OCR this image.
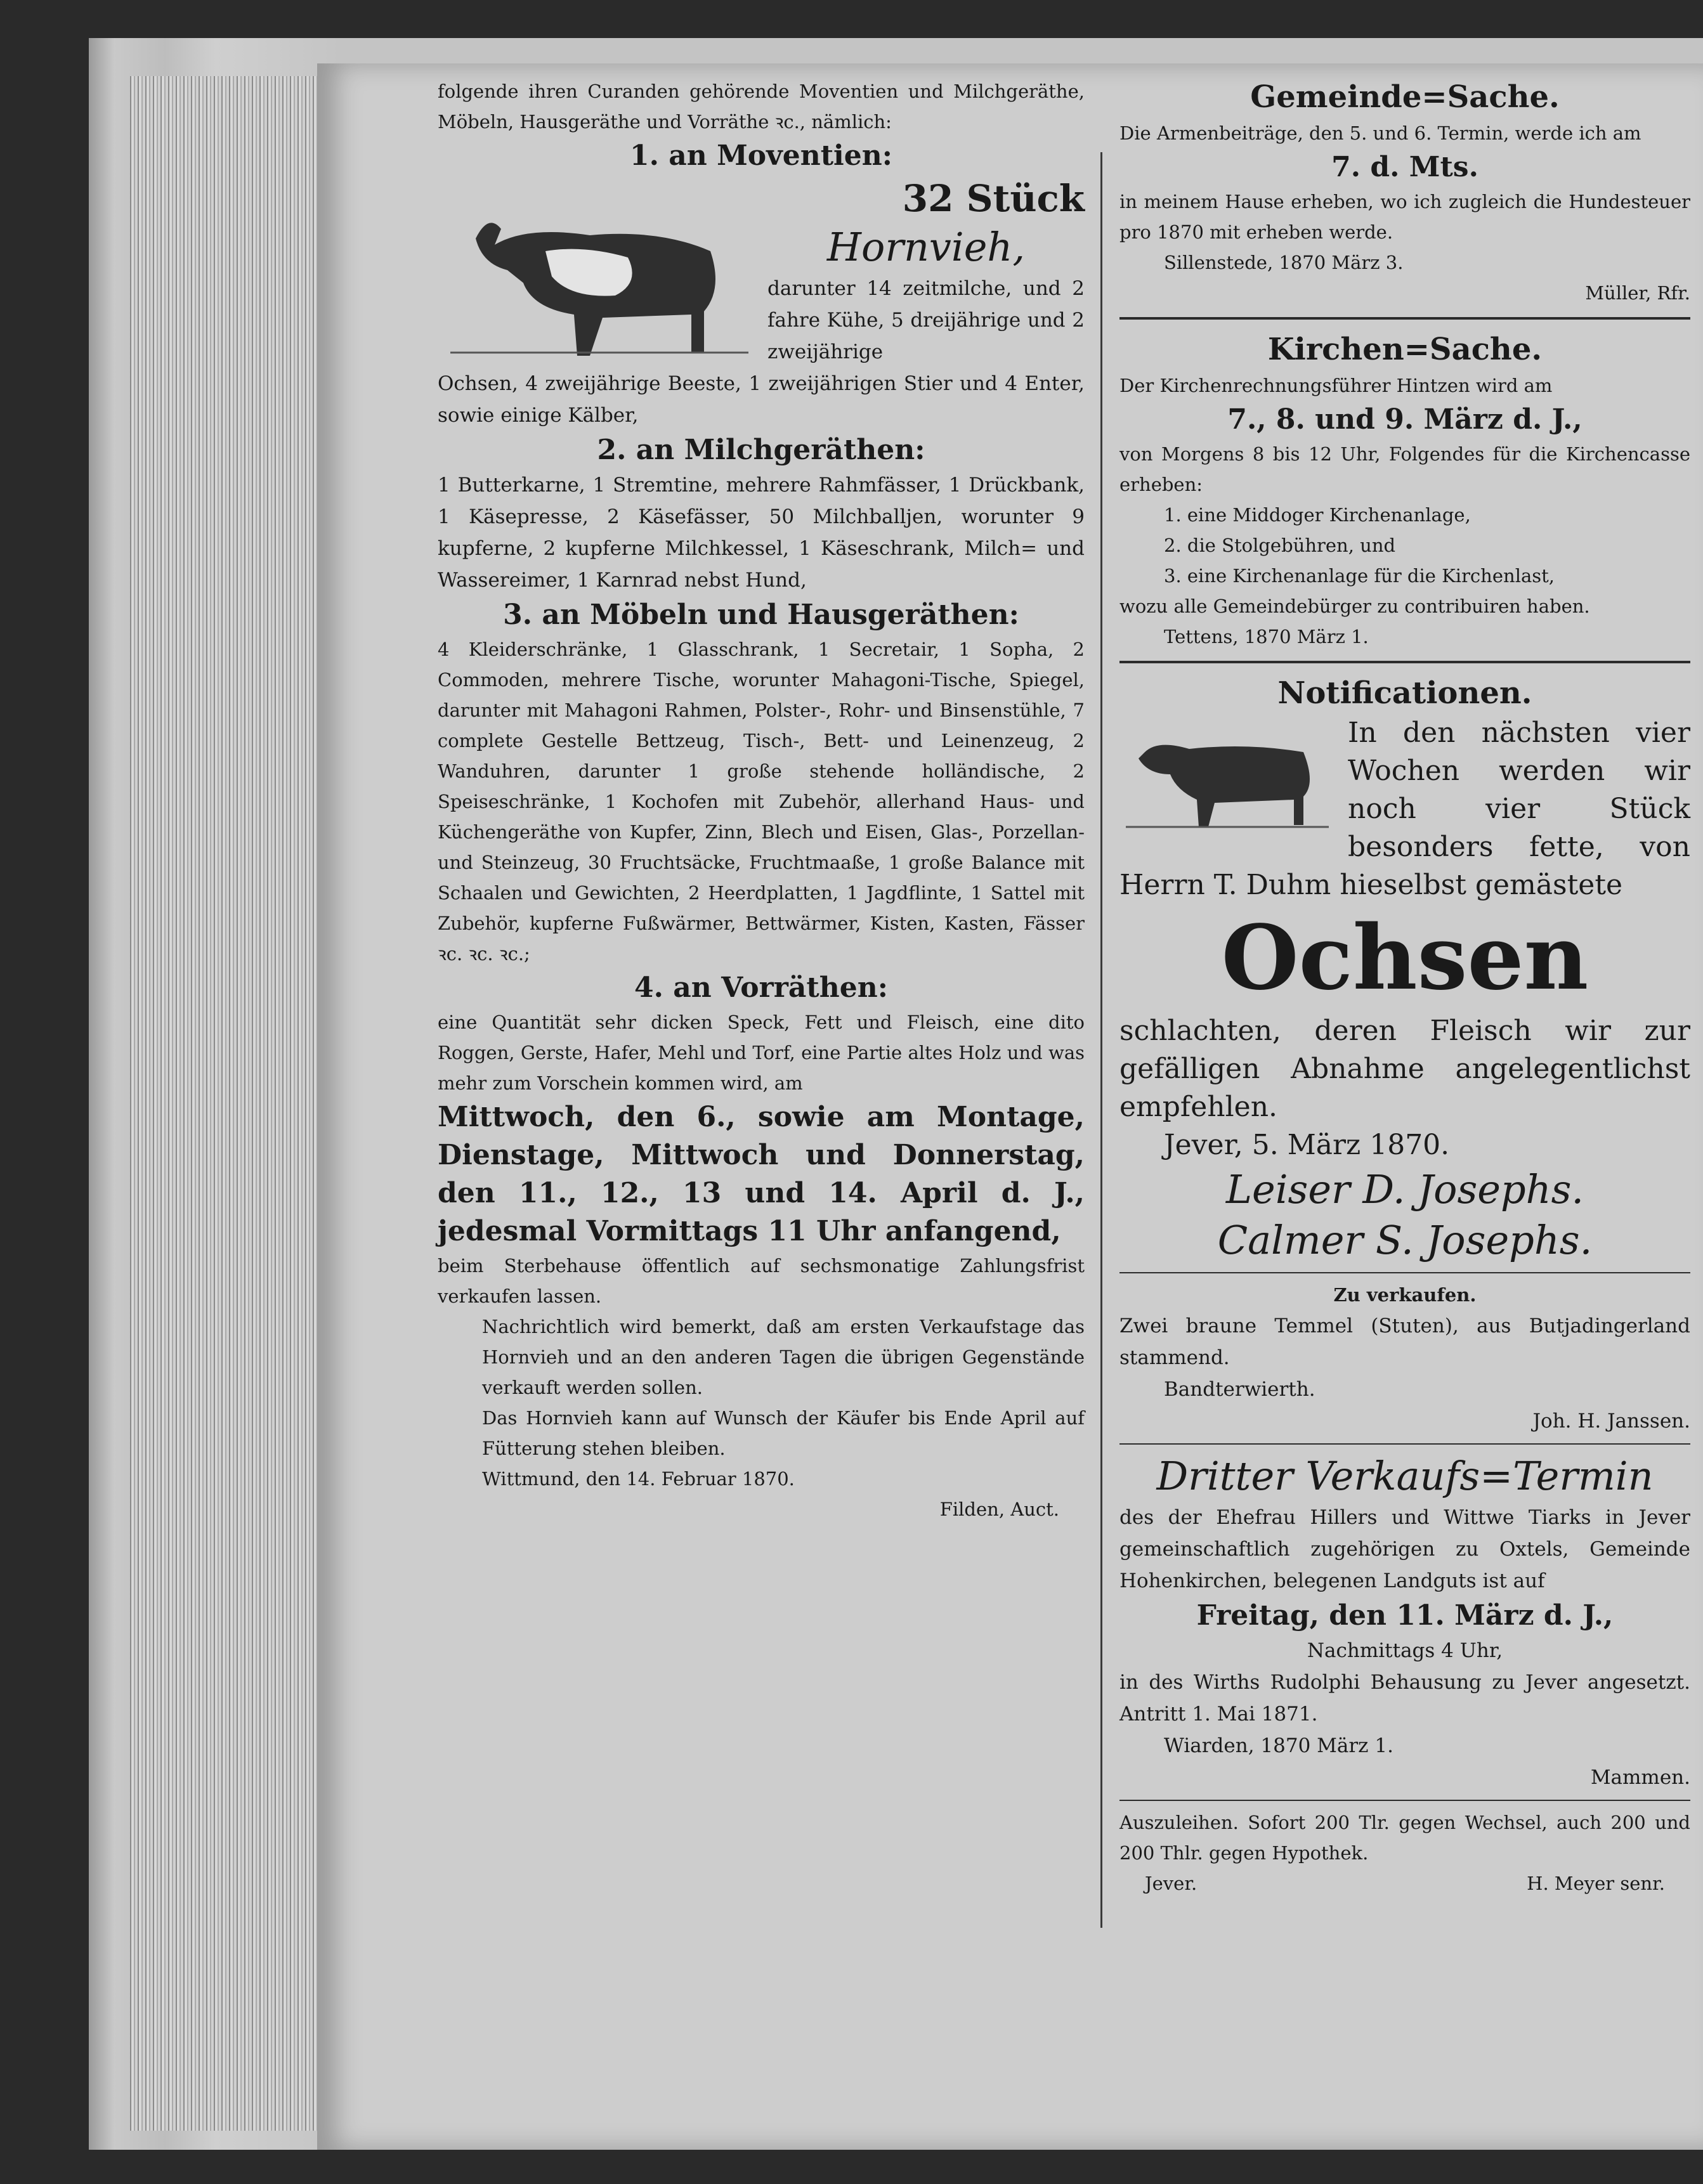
folgende ihren Curanden gehörende Moventien und Milchgeräthe, Möbeln, Hausgeräthe und Vorräthe ꝛc., nämlich:

1. an Moventien:

32 Stück

Hornvieh,

darunter 14 zeitmilche, und 2 fahre Kühe, 5 dreijährige und 2 zweijährige

Ochsen, 4 zweijährige Beeste, 1 zweijährigen Stier und 4 Enter, sowie einige Kälber,

2. an Milchgeräthen:

1 Butterkarne, 1 Stremtine, mehrere Rahmfässer, 1 Drückbank, 1 Käsepresse, 2 Käsefässer, 50 Milchballjen, worunter 9 kupferne, 2 kupferne Milchkessel, 1 Käseschrank, Milch= und Wassereimer, 1 Karnrad nebst Hund,

3. an Möbeln und Hausgeräthen:

4 Kleiderschränke, 1 Glasschrank, 1 Secretair, 1 Sopha, 2 Commoden, mehrere Tische, worunter Mahagoni-Tische, Spiegel, darunter mit Mahagoni Rahmen, Polster-, Rohr- und Binsenstühle, 7 complete Gestelle Bettzeug, Tisch-, Bett- und Leinenzeug, 2 Wanduhren, darunter 1 große stehende holländische, 2 Speiseschränke, 1 Kochofen mit Zubehör, allerhand Haus- und Küchengeräthe von Kupfer, Zinn, Blech und Eisen, Glas-, Porzellan- und Steinzeug, 30 Fruchtsäcke, Fruchtmaaße, 1 große Balance mit Schaalen und Gewichten, 2 Heerdplatten, 1 Jagdflinte, 1 Sattel mit Zubehör, kupferne Fußwärmer, Bettwärmer, Kisten, Kasten, Fässer ꝛc. ꝛc. ꝛc.;

4. an Vorräthen:

eine Quantität sehr dicken Speck, Fett und Fleisch, eine dito Roggen, Gerste, Hafer, Mehl und Torf, eine Partie altes Holz und was mehr zum Vorschein kommen wird, am

Mittwoch, den 6., sowie am Montage, Dienstage, Mittwoch und Donnerstag, den 11., 12., 13 und 14. April d. J., jedesmal Vormittags 11 Uhr anfangend,

beim Sterbehause öffentlich auf sechsmonatige Zahlungsfrist verkaufen lassen.

Nachrichtlich wird bemerkt, daß am ersten Verkaufstage das Hornvieh und an den anderen Tagen die übrigen Gegenstände verkauft werden sollen.

Das Hornvieh kann auf Wunsch der Käufer bis Ende April auf Fütterung stehen bleiben.

Wittmund, den 14. Februar 1870.

Filden, Auct.

Gemeinde=Sache.

Die Armenbeiträge, den 5. und 6. Termin, werde ich am

7. d. Mts.

in meinem Hause erheben, wo ich zugleich die Hundesteuer pro 1870 mit erheben werde.

Sillenstede, 1870 März 3.

Müller, Rfr.

Kirchen=Sache.

Der Kirchenrechnungsführer Hintzen wird am

7., 8. und 9. März d. J.,

von Morgens 8 bis 12 Uhr, Folgendes für die Kirchencasse erheben:

1. eine Middoger Kirchenanlage,

2. die Stolgebühren, und

3. eine Kirchenanlage für die Kirchenlast,

wozu alle Gemeindebürger zu contribuiren haben.

Tettens, 1870 März 1.

Notificationen.

In den nächsten vier Wochen werden wir noch vier Stück besonders fette, von Herrn T. Duhm hieselbst gemästete

Ochsen

schlachten, deren Fleisch wir zur gefälligen Abnahme angelegentlichst empfehlen.

Jever, 5. März 1870.

Leiser D. Josephs.

Calmer S. Josephs.

Zu verkaufen.

Zwei braune Temmel (Stuten), aus Butjadingerland stammend.

Bandterwierth.

Joh. H. Janssen.

Dritter Verkaufs=Termin

des der Ehefrau Hillers und Wittwe Tiarks in Jever gemeinschaftlich zugehörigen zu Oxtels, Gemeinde Hohenkirchen, belegenen Landguts ist auf

Freitag, den 11. März d. J.,

Nachmittags 4 Uhr,

in des Wirths Rudolphi Behausung zu Jever angesetzt. Antritt 1. Mai 1871.

Wiarden, 1870 März 1.

Mammen.

Auszuleihen. Sofort 200 Tlr. gegen Wechsel, auch 200 und 200 Thlr. gegen Hypothek.

Jever.	H. Meyer senr.
